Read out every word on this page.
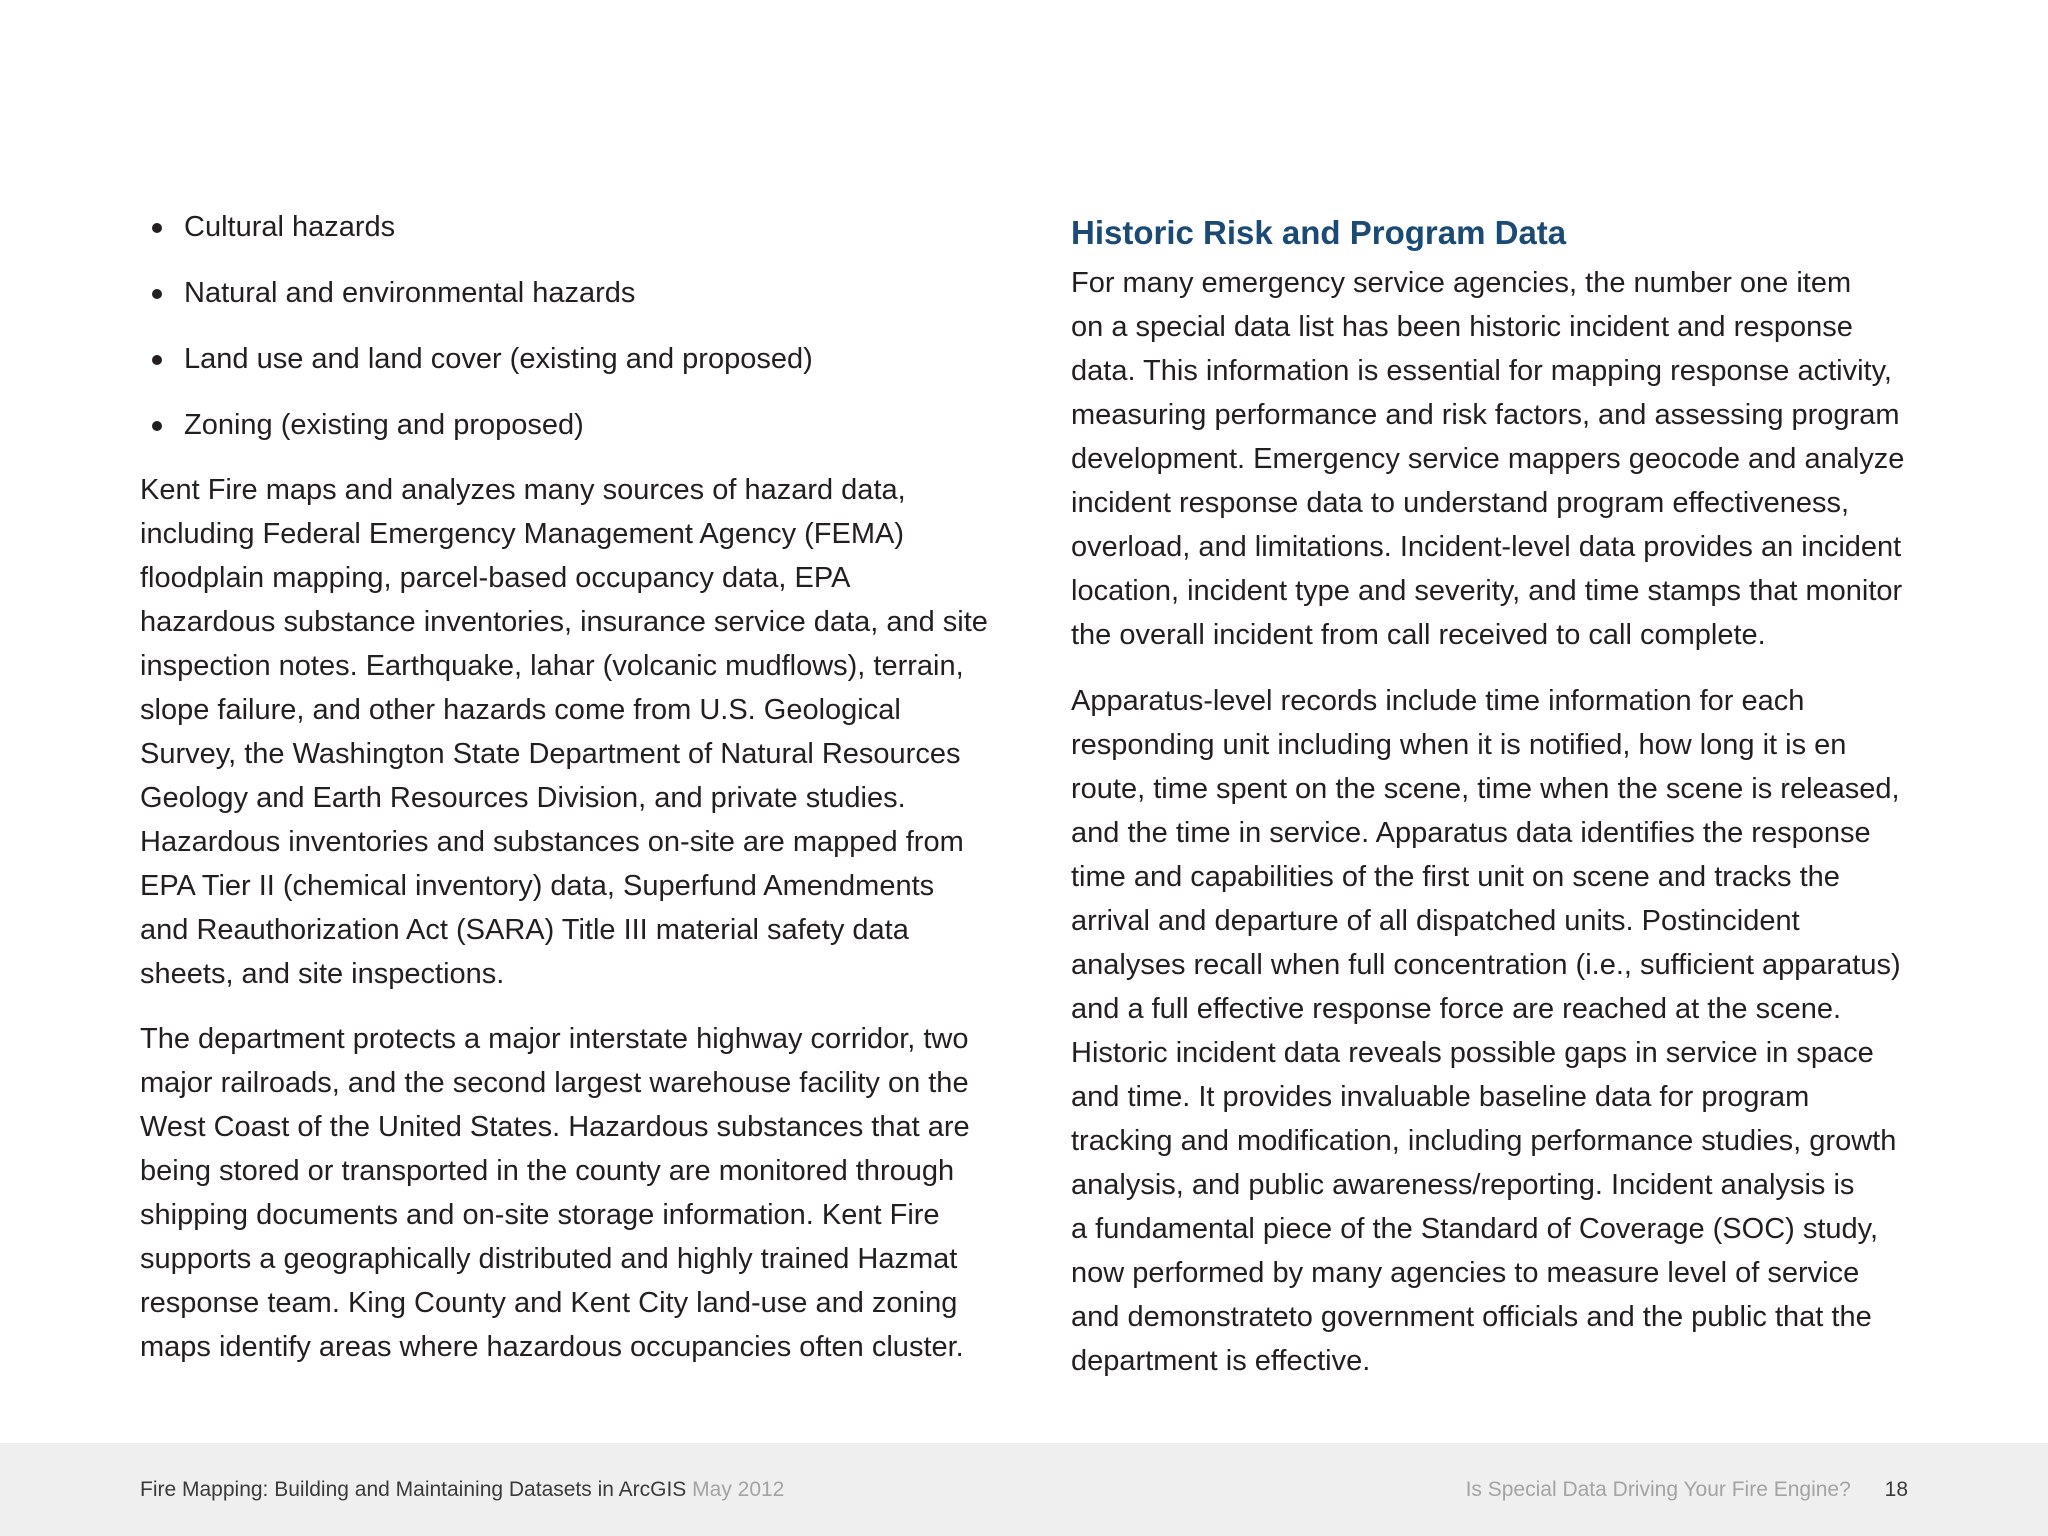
Cultural hazards
Natural and environmental hazards
Land use and land cover (existing and proposed)
Zoning (existing and proposed)

Kent Fire maps and analyzes many sources of hazard data,
including Federal Emergency Management Agency (FEMA)
floodplain mapping, parcel-based occupancy data, EPA
hazardous substance inventories, insurance service data, and site
inspection notes. Earthquake, lahar (volcanic mudflows), terrain,
slope failure, and other hazards come from U.S. Geological
Survey, the Washington State Department of Natural Resources
Geology and Earth Resources Division, and private studies.
Hazardous inventories and substances on-site are mapped from
EPA Tier II (chemical inventory) data, Superfund Amendments
and Reauthorization Act (SARA) Title III material safety data
sheets, and site inspections.

The department protects a major interstate highway corridor, two
major railroads, and the second largest warehouse facility on the
West Coast of the United States. Hazardous substances that are
being stored or transported in the county are monitored through
shipping documents and on-site storage information. Kent Fire
supports a geographically distributed and highly trained Hazmat
response team. King County and Kent City land-use and zoning
maps identify areas where hazardous occupancies often cluster.

Historic Risk and Program Data

For many emergency service agencies, the number one item
on a special data list has been historic incident and response
data. This information is essential for mapping response activity,
measuring performance and risk factors, and assessing program
development. Emergency service mappers geocode and analyze
incident response data to understand program effectiveness,
overload, and limitations. Incident-level data provides an incident
location, incident type and severity, and time stamps that monitor
the overall incident from call received to call complete.

Apparatus-level records include time information for each
responding unit including when it is notified, how long it is en
route, time spent on the scene, time when the scene is released,
and the time in service. Apparatus data identifies the response
time and capabilities of the first unit on scene and tracks the
arrival and departure of all dispatched units. Postincident
analyses recall when full concentration (i.e., sufficient apparatus)
and a full effective response force are reached at the scene.
Historic incident data reveals possible gaps in service in space
and time. It provides invaluable baseline data for program
tracking and modification, including performance studies, growth
analysis, and public awareness/reporting. Incident analysis is
a fundamental piece of the Standard of Coverage (SOC) study,
now performed by many agencies to measure level of service
and demonstrateto government officials and the public that the
department is effective.

Fire Mapping: Building and Maintaining Datasets in ArcGIS May 2012	Is Special Data Driving Your Fire Engine? 18
